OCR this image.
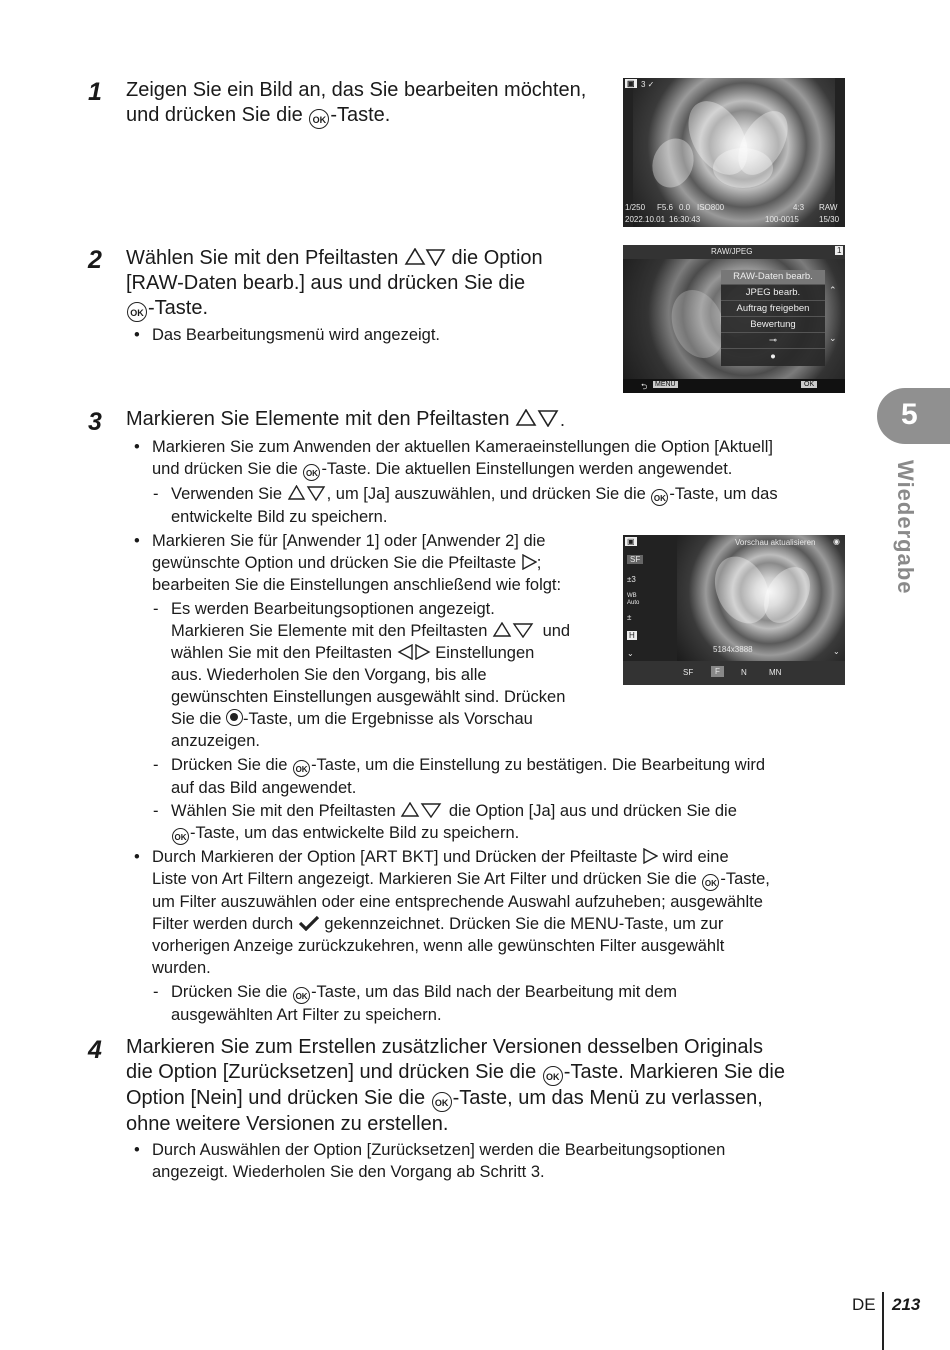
1 Zeigen Sie ein Bild an, das Sie bearbeiten möchten,
und drücken Sie die OK -Taste.
▣ 3 ✓
1/250 F5.6 0.0 ISO800	4:3 RAW
2022.10.01 16:30:43	100-0015	15/30
2 Wählen Sie mit den Pfeiltasten  die Option
[RAW-Daten bearb.] aus und drücken Sie die
OK -Taste.
• Das Bearbeitungsmenü wird angezeigt.
RAW/JPEG	1
RAW-Daten bearb.
JPEG bearb.
Auftrag freigeben
Bewertung
⊸
●
⌃
⌄
⮌ MENU	OK
3 Markieren Sie Elemente mit den Pfeiltasten	.
• Markieren Sie zum Anwenden der aktuellen Kameraeinstellungen die Option [Aktuell]
und drücken Sie die OK -Taste. Die aktuellen Einstellungen werden angewendet.
- Verwenden Sie , um [Ja] auszuwählen, und drücken Sie die OK -Taste, um das
entwickelte Bild zu speichern.
• Markieren Sie für [Anwender 1] oder [Anwender 2] die
gewünschte Option und drücken Sie die Pfeiltaste ;
bearbeiten Sie die Einstellungen anschließend wie folgt:
- Es werden Bearbeitungsoptionen angezeigt.
Markieren Sie Elemente mit den Pfeiltasten	und
wählen Sie mit den Pfeiltasten  Einstellungen
aus. Wiederholen Sie den Vorgang, bis alle
gewünschten Einstellungen ausgewählt sind. Drücken
Sie die -Taste, um die Ergebnisse als Vorschau
anzuzeigen.
▣	Vorschau aktualisieren ◉
SF
±3
WB Auto
±
H
⌄	5184x3888
SF	F	N	MN
⌄
- Drücken Sie die OK -Taste, um die Einstellung zu bestätigen. Die Bearbeitung wird
auf das Bild angewendet.
- Wählen Sie mit den Pfeiltasten	die Option [Ja] aus und drücken Sie die
OK -Taste, um das entwickelte Bild zu speichern.
• Durch Markieren der Option [ART BKT] und Drücken der Pfeiltaste  wird eine
Liste von Art Filtern angezeigt. Markieren Sie Art Filter und drücken Sie die OK -Taste,
um Filter auszuwählen oder eine entsprechende Auswahl aufzuheben; ausgewählte
Filter werden durch  gekennzeichnet. Drücken Sie die MENU-Taste, um zur
vorherigen Anzeige zurückzukehren, wenn alle gewünschten Filter ausgewählt
wurden.
- Drücken Sie die OK -Taste, um das Bild nach der Bearbeitung mit dem
ausgewählten Art Filter zu speichern.
4 Markieren Sie zum Erstellen zusätzlicher Versionen desselben Originals
die Option [Zurücksetzen] und drücken Sie die OK -Taste. Markieren Sie die
Option [Nein] und drücken Sie die OK -Taste, um das Menü zu verlassen,
ohne weitere Versionen zu erstellen.
• Durch Auswählen der Option [Zurücksetzen] werden die Bearbeitungsoptionen
angezeigt. Wiederholen Sie den Vorgang ab Schritt 3.
5
Wiedergabe
DE 213
